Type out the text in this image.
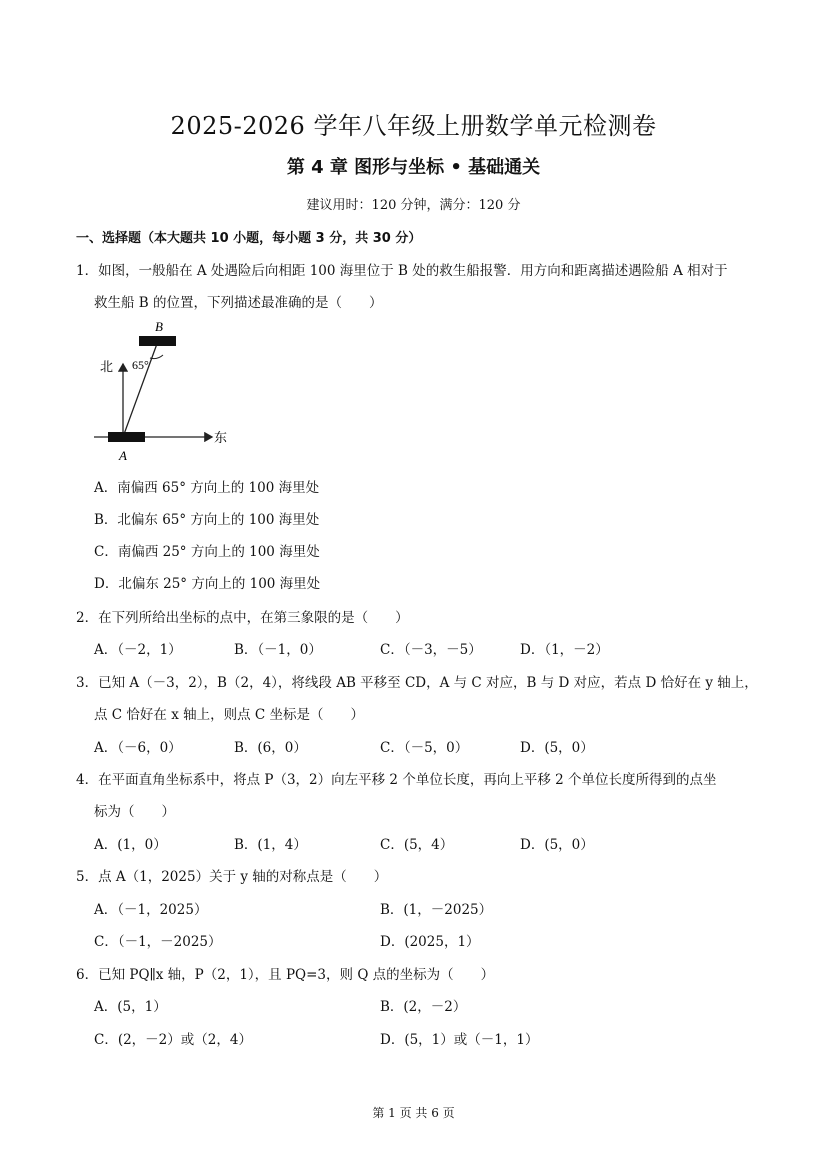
2025-2026 学年八年级上册数学单元检测卷
第 4 章 图形与坐标 • 基础通关
建议用时：120 分钟，满分：120 分
一、选择题（本大题共 10 小题，每小题 3 分，共 30 分）
1．如图，一般船在 A 处遇险后向相距 100 海里位于 B 处的救生船报警．用方向和距离描述遇险船 A 相对于
救生船 B 的位置，下列描述最准确的是（　　）
B
65°
北
东
A
A．南偏西 65° 方向上的 100 海里处
B．北偏东 65° 方向上的 100 海里处
C．南偏西 25° 方向上的 100 海里处
D．北偏东 25° 方向上的 100 海里处
2．在下列所给出坐标的点中，在第三象限的是（　　）
A．（－2，1）	B．（－1，0）	C．（－3，－5）	D．（1，－2）
3．已知 A（－3，2），B（2，4），将线段 AB 平移至 CD，A 与 C 对应，B 与 D 对应，若点 D 恰好在 y 轴上，
点 C 恰好在 x 轴上，则点 C 坐标是（　　）
A．（－6，0）	B．(6，0）	C．（－5，0）	D．(5，0）
4．在平面直角坐标系中，将点 P（3，2）向左平移 2 个单位长度，再向上平移 2 个单位长度所得到的点坐
标为（　　）
A．(1，0）	B．(1，4）	C．(5，4）	D．(5，0）
5．点 A（1，2025）关于 y 轴的对称点是（　　）
A．（－1，2025）	B．(1，－2025）
C．（－1，－2025）	D．(2025，1）
6．已知 PQ∥x 轴，P（2，1），且 PQ=3，则 Q 点的坐标为（　　）
A．(5，1）	B．(2，－2）
C．(2，－2）或（2，4）	D．(5，1）或（－1，1）
第 1 页 共 6 页
